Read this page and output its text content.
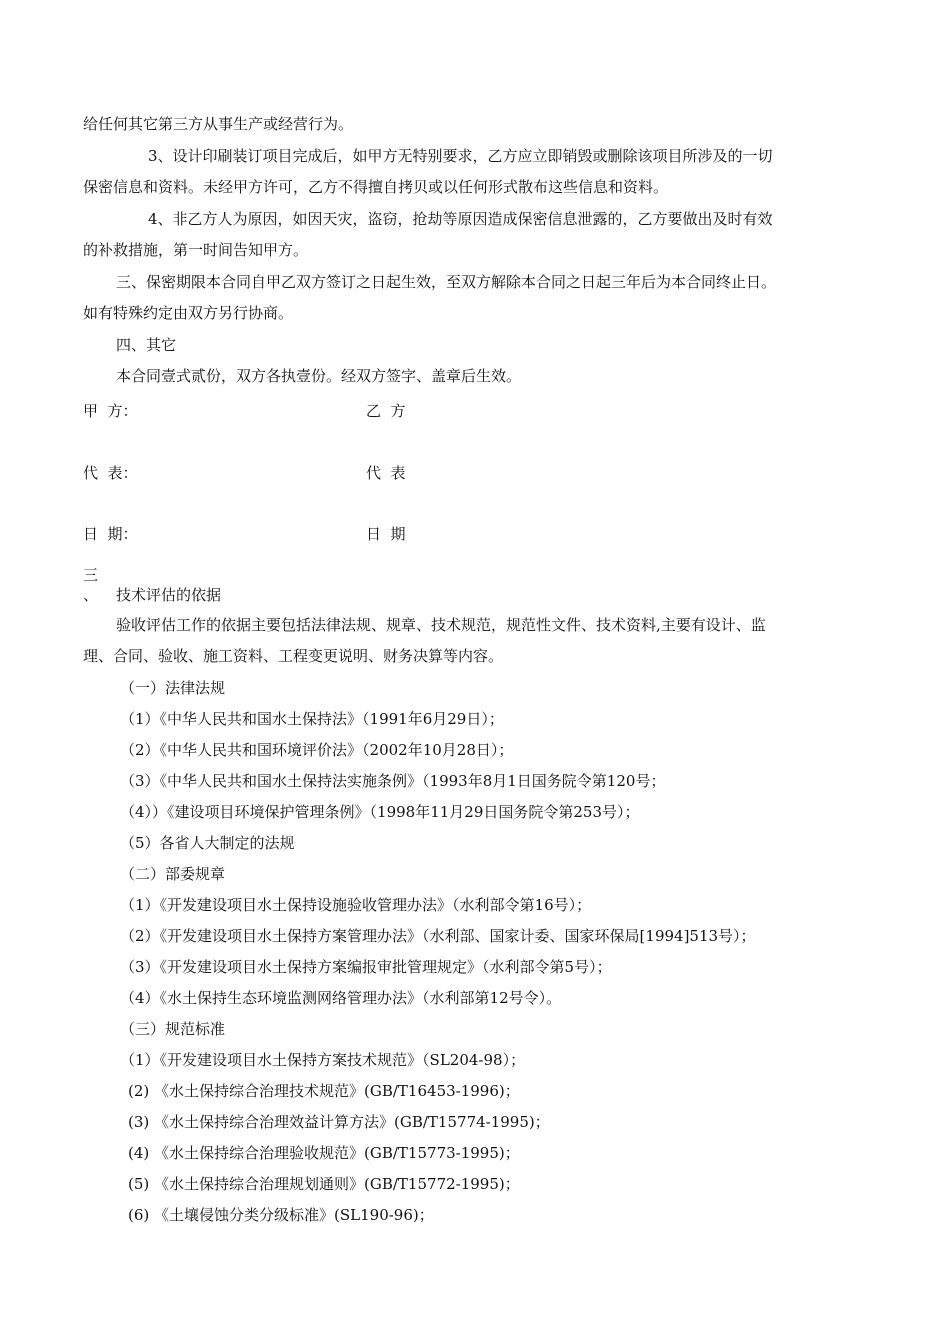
给任何其它第三方从事生产或经营行为。
3、设计印刷装订项目完成后，如甲方无特别要求，乙方应立即销毁或删除该项目所涉及的一切
保密信息和资料。未经甲方许可，乙方不得擅自拷贝或以任何形式散布这些信息和资料。
4、非乙方人为原因，如因天灾，盗窃，抢劫等原因造成保密信息泄露的，乙方要做出及时有效
的补救措施，第一时间告知甲方。
三、保密期限本合同自甲乙双方签订之日起生效，至双方解除本合同之日起三年后为本合同终止日。
如有特殊约定由双方另行协商。
四、其它
本合同壹式贰份，双方各执壹份。经双方签字、盖章后生效。
甲  方：	乙  方
代  表：	代  表
日  期：	日  期
三
、	技术评估的依据
验收评估工作的依据主要包括法律法规、规章、技术规范，规范性文件、技术资料,主要有设计、监
理、合同、验收、施工资料、工程变更说明、财务决算等内容。
（一）法律法规
（1）《中华人民共和国水土保持法》（1991年6月29日）；
（2）《中华人民共和国环境评价法》（2002年10月28日）；
（3）《中华人民共和国水土保持法实施条例》（1993年8月1日国务院令第120号；
（4））《建设项目环境保护管理条例》（1998年11月29日国务院令第253号）；
（5）各省人大制定的法规
（二）部委规章
（1）《开发建设项目水土保持设施验收管理办法》（水利部令第16号）；
（2）《开发建设项目水土保持方案管理办法》（水利部、国家计委、国家环保局[1994]513号）；
（3）《开发建设项目水土保持方案编报审批管理规定》（水利部令第5号）；
（4）《水土保持生态环境监测网络管理办法》（水利部第12号令）。
（三）规范标准
（1）《开发建设项目水土保持方案技术规范》（SL204-98）；
(2) 《水土保持综合治理技术规范》(GB/T16453-1996)；
(3) 《水土保持综合治理效益计算方法》(GB/T15774-1995)；
(4) 《水土保持综合治理验收规范》(GB/T15773-1995)；
(5) 《水土保持综合治理规划通则》(GB/T15772-1995)；
(6) 《土壤侵蚀分类分级标准》(SL190-96)；
